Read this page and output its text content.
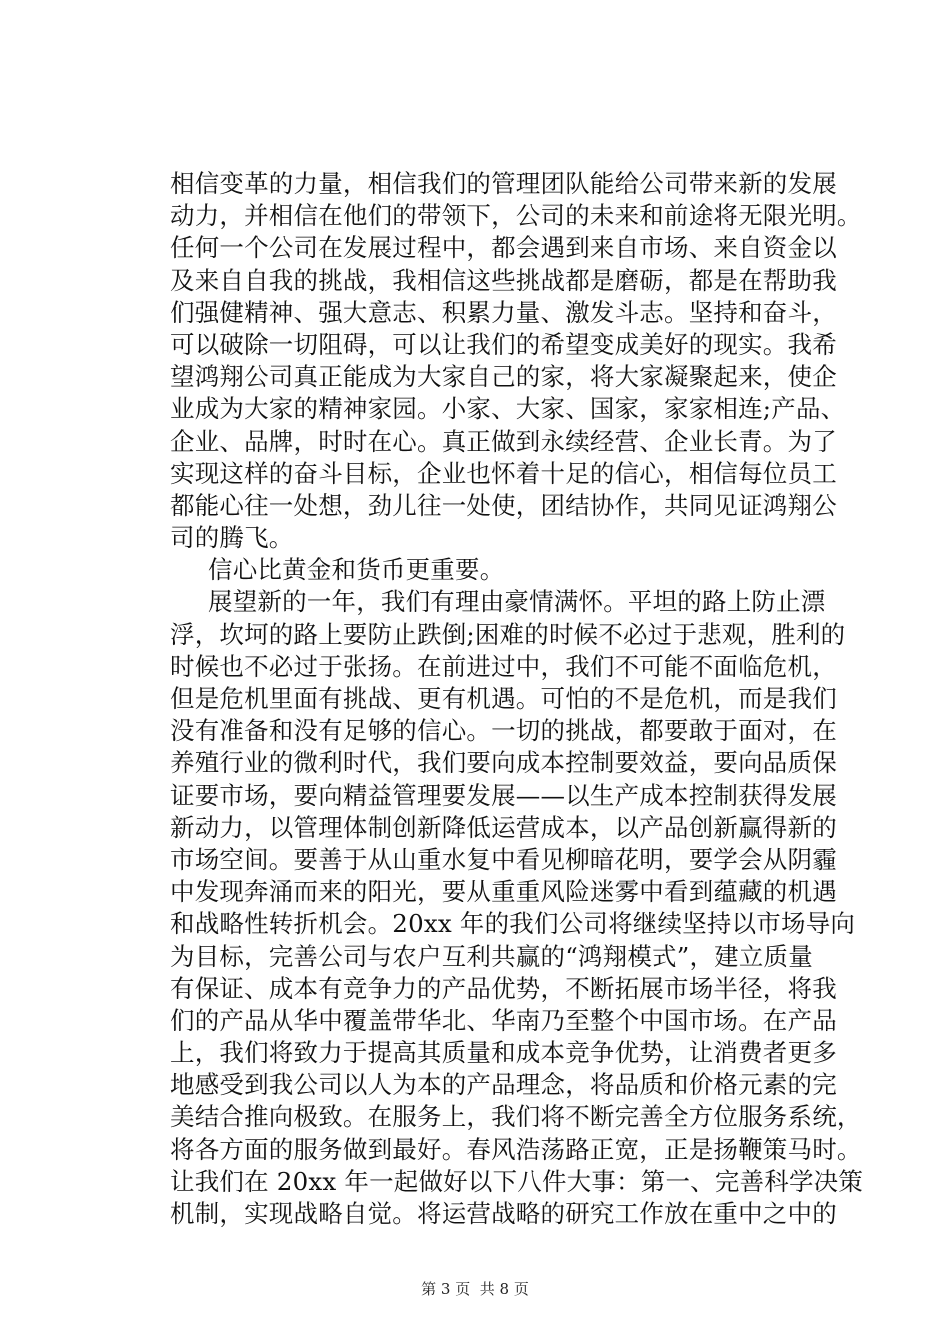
相信变革的力量，相信我们的管理团队能给公司带来新的发展
动力，并相信在他们的带领下，公司的未来和前途将无限光明。
任何一个公司在发展过程中，都会遇到来自市场、来自资金以
及来自自我的挑战，我相信这些挑战都是磨砺，都是在帮助我
们强健精神、强大意志、积累力量、激发斗志。坚持和奋斗，
可以破除一切阻碍，可以让我们的希望变成美好的现实。我希
望鸿翔公司真正能成为大家自己的家，将大家凝聚起来，使企
业成为大家的精神家园。小家、大家、国家，家家相连;产品、
企业、品牌，时时在心。真正做到永续经营、企业长青。为了
实现这样的奋斗目标，企业也怀着十足的信心，相信每位员工
都能心往一处想，劲儿往一处使，团结协作，共同见证鸿翔公
司的腾飞。
信心比黄金和货币更重要。
展望新的一年，我们有理由豪情满怀。平坦的路上防止漂
浮，坎坷的路上要防止跌倒;困难的时候不必过于悲观，胜利的
时候也不必过于张扬。在前进过中，我们不可能不面临危机，
但是危机里面有挑战、更有机遇。可怕的不是危机，而是我们
没有准备和没有足够的信心。一切的挑战，都要敢于面对，在
养殖行业的微利时代，我们要向成本控制要效益，要向品质保
证要市场，要向精益管理要发展——以生产成本控制获得发展
新动力，以管理体制创新降低运营成本，以产品创新赢得新的
市场空间。要善于从山重水复中看见柳暗花明，要学会从阴霾
中发现奔涌而来的阳光，要从重重风险迷雾中看到蕴藏的机遇
和战略性转折机会。20xx 年的我们公司将继续坚持以市场导向
为目标，完善公司与农户互利共赢的“鸿翔模式”，建立质量
有保证、成本有竞争力的产品优势，不断拓展市场半径，将我
们的产品从华中覆盖带华北、华南乃至整个中国市场。在产品
上，我们将致力于提高其质量和成本竞争优势，让消费者更多
地感受到我公司以人为本的产品理念，将品质和价格元素的完
美结合推向极致。在服务上，我们将不断完善全方位服务系统，
将各方面的服务做到最好。春风浩荡路正宽，正是扬鞭策马时。
让我们在 20xx 年一起做好以下八件大事：第一、完善科学决策
机制，实现战略自觉。将运营战略的研究工作放在重中之中的
第 3 页  共 8 页
